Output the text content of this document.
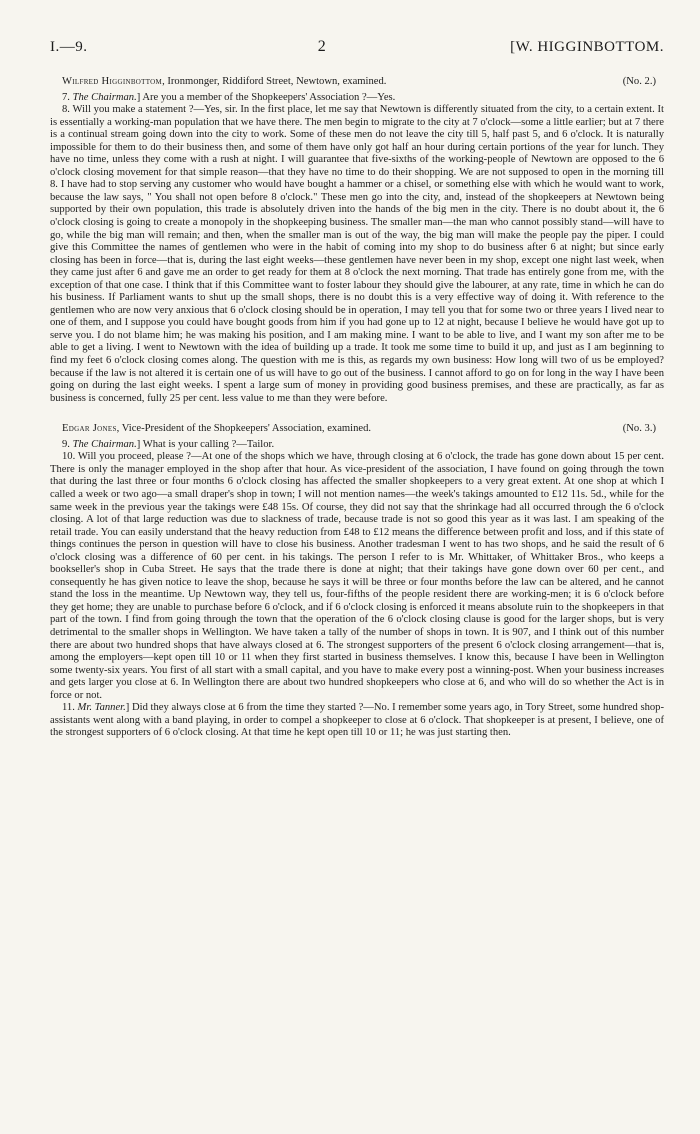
I.—9.	2	[W. HIGGINBOTTOM.
Wilfred Higginbottom, Ironmonger, Riddiford Street, Newtown, examined.	(No. 2.)

7. The Chairman.] Are you a member of the Shopkeepers' Association ?—Yes.

8. Will you make a statement ?—Yes, sir. In the first place, let me say that Newtown is differently situated from the city, to a certain extent. It is essentially a working-man population that we have there. The men begin to migrate to the city at 7 o'clock—some a little earlier; but at 7 there is a continual stream going down into the city to work. Some of these men do not leave the city till 5, half past 5, and 6 o'clock. It is naturally impossible for them to do their business then, and some of them have only got half an hour during certain portions of the year for lunch. They have no time, unless they come with a rush at night. I will guarantee that five-sixths of the working-people of Newtown are opposed to the 6 o'clock closing movement for that simple reason—that they have no time to do their shopping. We are not supposed to open in the morning till 8. I have had to stop serving any customer who would have bought a hammer or a chisel, or something else with which he would want to work, because the law says, " You shall not open before 8 o'clock." These men go into the city, and, instead of the shopkeepers at Newtown being supported by their own population, this trade is absolutely driven into the hands of the big men in the city. There is no doubt about it, the 6 o'clock closing is going to create a monopoly in the shopkeeping business. The smaller man—the man who cannot possibly stand—will have to go, while the big man will remain; and then, when the smaller man is out of the way, the big man will make the people pay the piper. I could give this Committee the names of gentlemen who were in the habit of coming into my shop to do business after 6 at night; but since early closing has been in force—that is, during the last eight weeks—these gentlemen have never been in my shop, except one night last week, when they came just after 6 and gave me an order to get ready for them at 8 o'clock the next morning. That trade has entirely gone from me, with the exception of that one case. I think that if this Committee want to foster labour they should give the labourer, at any rate, time in which he can do his business. If Parliament wants to shut up the small shops, there is no doubt this is a very effective way of doing it. With reference to the gentlemen who are now very anxious that 6 o'clock closing should be in operation, I may tell you that for some two or three years I lived near to one of them, and I suppose you could have bought goods from him if you had gone up to 12 at night, because I believe he would have got up to serve you. I do not blame him; he was making his position, and I am making mine. I want to be able to live, and I want my son after me to be able to get a living. I went to Newtown with the idea of building up a trade. It took me some time to build it up, and just as I am beginning to find my feet 6 o'clock closing comes along. The question with me is this, as regards my own business: How long will two of us be employed? because if the law is not altered it is certain one of us will have to go out of the business. I cannot afford to go on for long in the way I have been going on during the last eight weeks. I spent a large sum of money in providing good business premises, and these are practically, as far as business is concerned, fully 25 per cent. less value to me than they were before.

Edgar Jones, Vice-President of the Shopkeepers' Association, examined.	(No. 3.)

9. The Chairman.] What is your calling ?—Tailor.

10. Will you proceed, please ?—At one of the shops which we have, through closing at 6 o'clock, the trade has gone down about 15 per cent. There is only the manager employed in the shop after that hour. As vice-president of the association, I have found on going through the town that during the last three or four months 6 o'clock closing has affected the smaller shopkeepers to a very great extent. At one shop at which I called a week or two ago—a small draper's shop in town; I will not mention names—the week's takings amounted to £12 11s. 5d., while for the same week in the previous year the takings were £48 15s. Of course, they did not say that the shrinkage had all occurred through the 6 o'clock closing. A lot of that large reduction was due to slackness of trade, because trade is not so good this year as it was last. I am speaking of the retail trade. You can easily understand that the heavy reduction from £48 to £12 means the difference between profit and loss, and if this state of things continues the person in question will have to close his business. Another tradesman I went to has two shops, and he said the result of 6 o'clock closing was a difference of 60 per cent. in his takings. The person I refer to is Mr. Whittaker, of Whittaker Bros., who keeps a bookseller's shop in Cuba Street. He says that the trade there is done at night; that their takings have gone down over 60 per cent., and consequently he has given notice to leave the shop, because he says it will be three or four months before the law can be altered, and he cannot stand the loss in the meantime. Up Newtown way, they tell us, four-fifths of the people resident there are working-men; it is 6 o'clock before they get home; they are unable to purchase before 6 o'clock, and if 6 o'clock closing is enforced it means absolute ruin to the shopkeepers in that part of the town. I find from going through the town that the operation of the 6 o'clock closing clause is good for the larger shops, but is very detrimental to the smaller shops in Wellington. We have taken a tally of the number of shops in town. It is 907, and I think out of this number there are about two hundred shops that have always closed at 6. The strongest supporters of the present 6 o'clock closing arrangement—that is, among the employers—kept open till 10 or 11 when they first started in business themselves. I know this, because I have been in Wellington some twenty-six years. You first of all start with a small capital, and you have to make every post a winning-post. When your business increases and gets larger you close at 6. In Wellington there are about two hundred shopkeepers who close at 6, and who will do so whether the Act is in force or not.

11. Mr. Tanner.] Did they always close at 6 from the time they started ?—No. I remember some years ago, in Tory Street, some hundred shop-assistants went along with a band playing, in order to compel a shopkeeper to close at 6 o'clock. That shopkeeper is at present, I believe, one of the strongest supporters of 6 o'clock closing. At that time he kept open till 10 or 11; he was just starting then.
